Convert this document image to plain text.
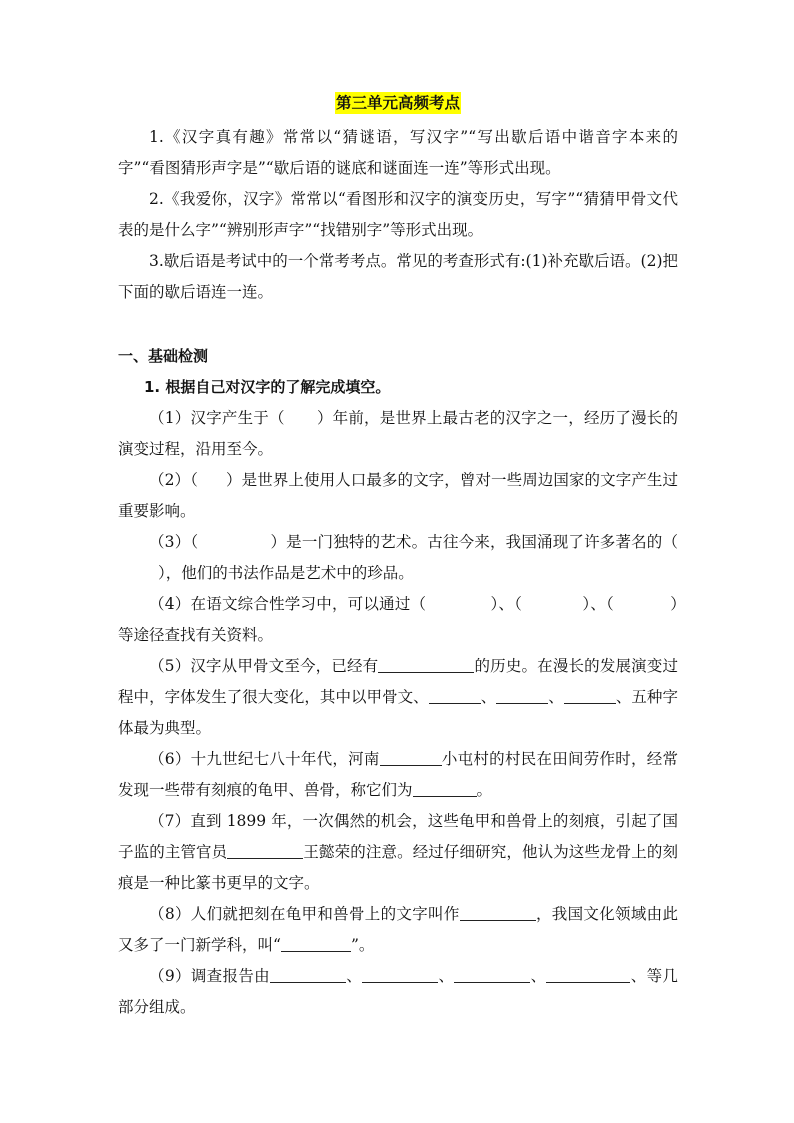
第三单元高频考点

1.《汉字真有趣》常常以“猜谜语，写汉字”“写出歇后语中谐音字本来的字”“看图猜形声字是”“歇后语的谜底和谜面连一连”等形式出现。

2.《我爱你，汉字》常常以“看图形和汉字的演变历史，写字”“猜猜甲骨文代表的是什么字”“辨别形声字”“找错别字”等形式出现。

3.歇后语是考试中的一个常考考点。常见的考查形式有:(1)补充歇后语。(2)把下面的歇后语连一连。

一、基础检测

1. 根据自己对汉字的了解完成填空。

（1）汉字产生于（ ）年前，是世界上最古老的汉字之一，经历了漫长的演变过程，沿用至今。

（2）（ ）是世界上使用人口最多的文字，曾对一些周边国家的文字产生过重要影响。

（3）（	）是一门独特的艺术。古往今来，我国涌现了许多著名的（），他们的书法作品是艺术中的珍品。

（4）在语文综合性学习中，可以通过（	）、（	）、（	）等途径查找有关资料。

（5）汉字从甲骨文至今，已经有	的历史。在漫长的发展演变过程中，字体发生了很大变化，其中以甲骨文、	、	、	、五种字体最为典型。

（6）十九世纪七八十年代，河南	小屯村的村民在田间劳作时，经常发现一些带有刻痕的龟甲、兽骨，称它们为	。

（7）直到 1899 年，一次偶然的机会，这些龟甲和兽骨上的刻痕，引起了国子监的主管官员	王懿荣的注意。经过仔细研究，他认为这些龙骨上的刻痕是一种比篆书更早的文字。

（8）人们就把刻在龟甲和兽骨上的文字叫作	，我国文化领域由此又多了一门新学科，叫“	”。

（9）调查报告由	、	、	、	、等几部分组成。
